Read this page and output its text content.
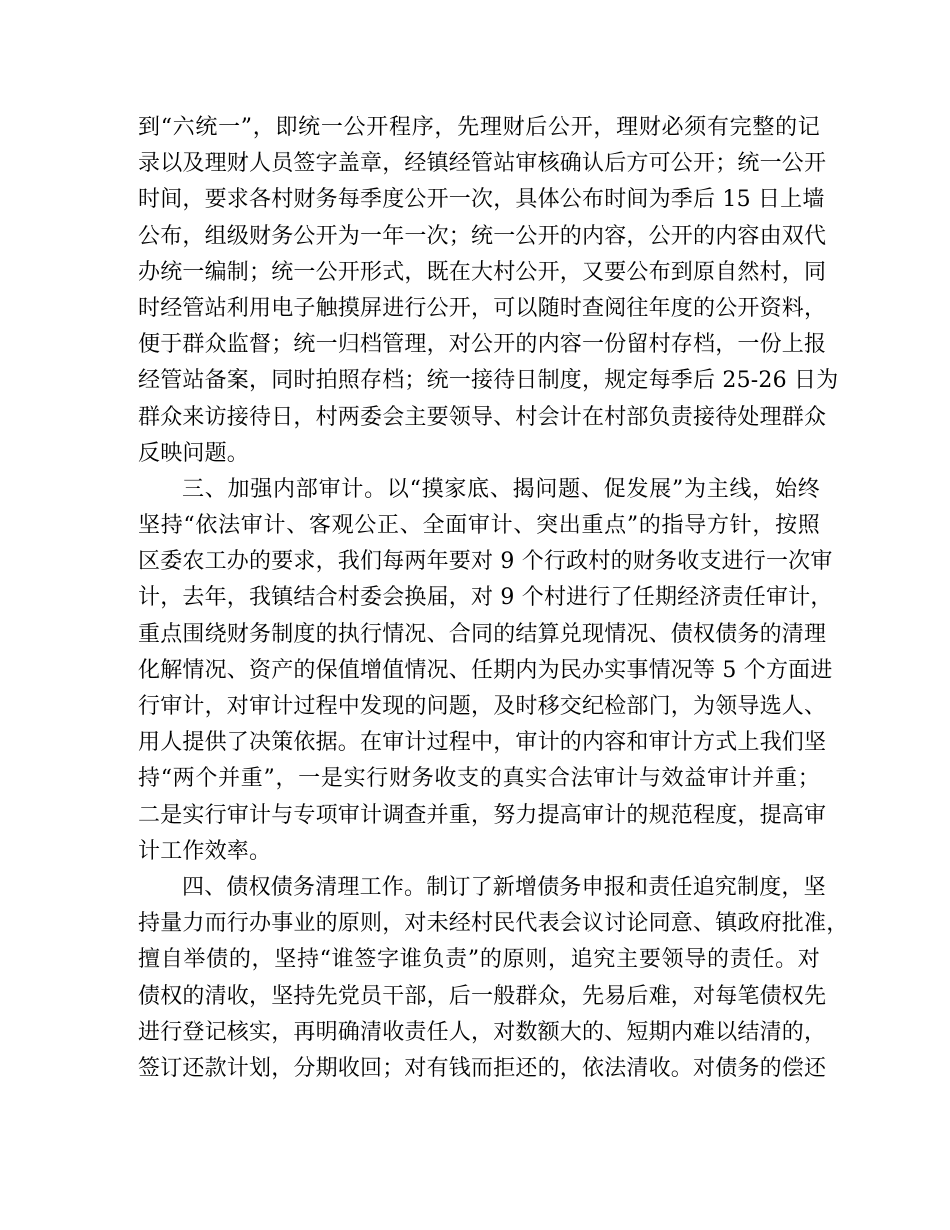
到“六统一”，即统一公开程序，先理财后公开，理财必须有完整的记
录以及理财人员签字盖章，经镇经管站审核确认后方可公开；统一公开
时间，要求各村财务每季度公开一次，具体公布时间为季后 15 日上墙
公布，组级财务公开为一年一次；统一公开的内容，公开的内容由双代
办统一编制；统一公开形式，既在大村公开，又要公布到原自然村，同
时经管站利用电子触摸屏进行公开，可以随时查阅往年度的公开资料，
便于群众监督；统一归档管理，对公开的内容一份留村存档，一份上报
经管站备案，同时拍照存档；统一接待日制度，规定每季后 25-26 日为
群众来访接待日，村两委会主要领导、村会计在村部负责接待处理群众
反映问题。
三、加强内部审计。以“摸家底、揭问题、促发展”为主线，始终
坚持“依法审计、客观公正、全面审计、突出重点”的指导方针，按照
区委农工办的要求，我们每两年要对 9 个行政村的财务收支进行一次审
计，去年，我镇结合村委会换届，对 9 个村进行了任期经济责任审计，
重点围绕财务制度的执行情况、合同的结算兑现情况、债权债务的清理
化解情况、资产的保值增值情况、任期内为民办实事情况等 5 个方面进
行审计，对审计过程中发现的问题，及时移交纪检部门，为领导选人、
用人提供了决策依据。在审计过程中，审计的内容和审计方式上我们坚
持“两个并重”，一是实行财务收支的真实合法审计与效益审计并重；
二是实行审计与专项审计调查并重，努力提高审计的规范程度，提高审
计工作效率。
四、债权债务清理工作。制订了新增债务申报和责任追究制度，坚
持量力而行办事业的原则，对未经村民代表会议讨论同意、镇政府批准，
擅自举债的，坚持“谁签字谁负责”的原则，追究主要领导的责任。对
债权的清收，坚持先党员干部，后一般群众，先易后难，对每笔债权先
进行登记核实，再明确清收责任人，对数额大的、短期内难以结清的，
签订还款计划，分期收回；对有钱而拒还的，依法清收。对债务的偿还
